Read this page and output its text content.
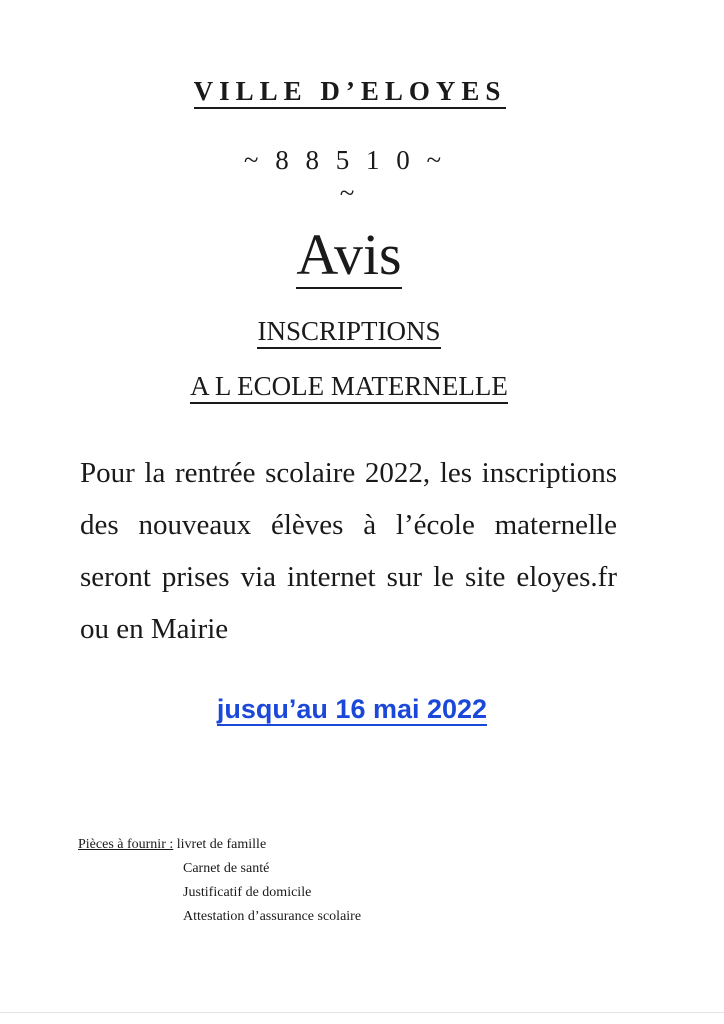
VILLE D’ELOYES
~ 8 8 5 1 0 ~
~
Avis
INSCRIPTIONS
A L ECOLE MATERNELLE
Pour la rentrée scolaire 2022, les inscriptions
des nouveaux élèves à l’école maternelle
seront prises via internet sur le site eloyes.fr
ou en Mairie
jusqu’au 16 mai 2022
Pièces à fournir : livret de famille
Carnet de santé
Justificatif de domicile
Attestation d’assurance scolaire
